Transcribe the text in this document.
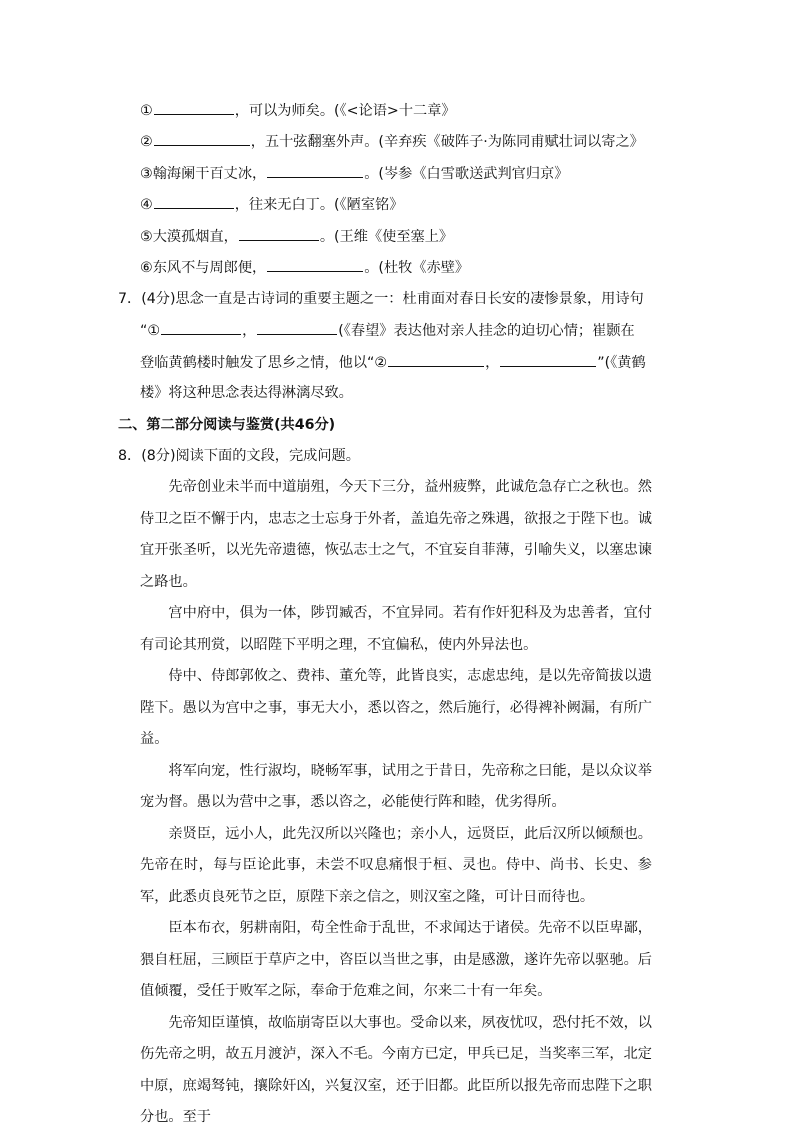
①	，可以为师矣。(《<论语>十二章》
②	，五十弦翻塞外声。(辛弃疾《破阵子·为陈同甫赋壮词以寄之》
③翰海阑干百丈冰，	。(岑参《白雪歌送武判官归京》
④	，往来无白丁。(《陋室铭》
⑤大漠孤烟直，	。(王维《使至塞上》
⑥东风不与周郎便，	。(杜牧《赤壁》
7．(4分)思念一直是古诗词的重要主题之一：杜甫面对春日长安的凄惨景象，用诗句
“①	，	(《春望》表达他对亲人挂念的迫切心情；崔颢在
登临黄鹤楼时触发了思乡之情，他以“②	，	”(《黄鹤
楼》将这种思念表达得淋漓尽致。
二、第二部分阅读与鉴赏(共46分)
8．(8分)阅读下面的文段，完成问题。

先帝创业未半而中道崩殂，今天下三分，益州疲弊，此诚危急存亡之秋也。然侍卫之臣不懈于内，忠志之士忘身于外者，盖追先帝之殊遇，欲报之于陛下也。诚宜开张圣听，以光先帝遗德，恢弘志士之气，不宜妄自菲薄，引喻失义，以塞忠谏之路也。

宫中府中，俱为一体，陟罚臧否，不宜异同。若有作奸犯科及为忠善者，宜付有司论其刑赏，以昭陛下平明之理，不宜偏私，使内外异法也。

侍中、侍郎郭攸之、费祎、董允等，此皆良实，志虑忠纯，是以先帝简拔以遗陛下。愚以为宫中之事，事无大小，悉以咨之，然后施行，必得裨补阙漏，有所广益。

将军向宠，性行淑均，晓畅军事，试用之于昔日，先帝称之曰能，是以众议举宠为督。愚以为营中之事，悉以咨之，必能使行阵和睦，优劣得所。

亲贤臣，远小人，此先汉所以兴隆也；亲小人，远贤臣，此后汉所以倾颓也。先帝在时，每与臣论此事，未尝不叹息痛恨于桓、灵也。侍中、尚书、长史、参军，此悉贞良死节之臣，原陛下亲之信之，则汉室之隆，可计日而待也。

臣本布衣，躬耕南阳，苟全性命于乱世，不求闻达于诸侯。先帝不以臣卑鄙，猥自枉屈，三顾臣于草庐之中，咨臣以当世之事，由是感激，遂许先帝以驱驰。后值倾覆，受任于败军之际，奉命于危难之间，尔来二十有一年矣。

先帝知臣谨慎，故临崩寄臣以大事也。受命以来，夙夜忧叹，恐付托不效，以伤先帝之明，故五月渡泸，深入不毛。今南方已定，甲兵已足，当奖率三军，北定中原，庶竭驽钝，攘除奸凶，兴复汉室，还于旧都。此臣所以报先帝而忠陛下之职分也。至于
